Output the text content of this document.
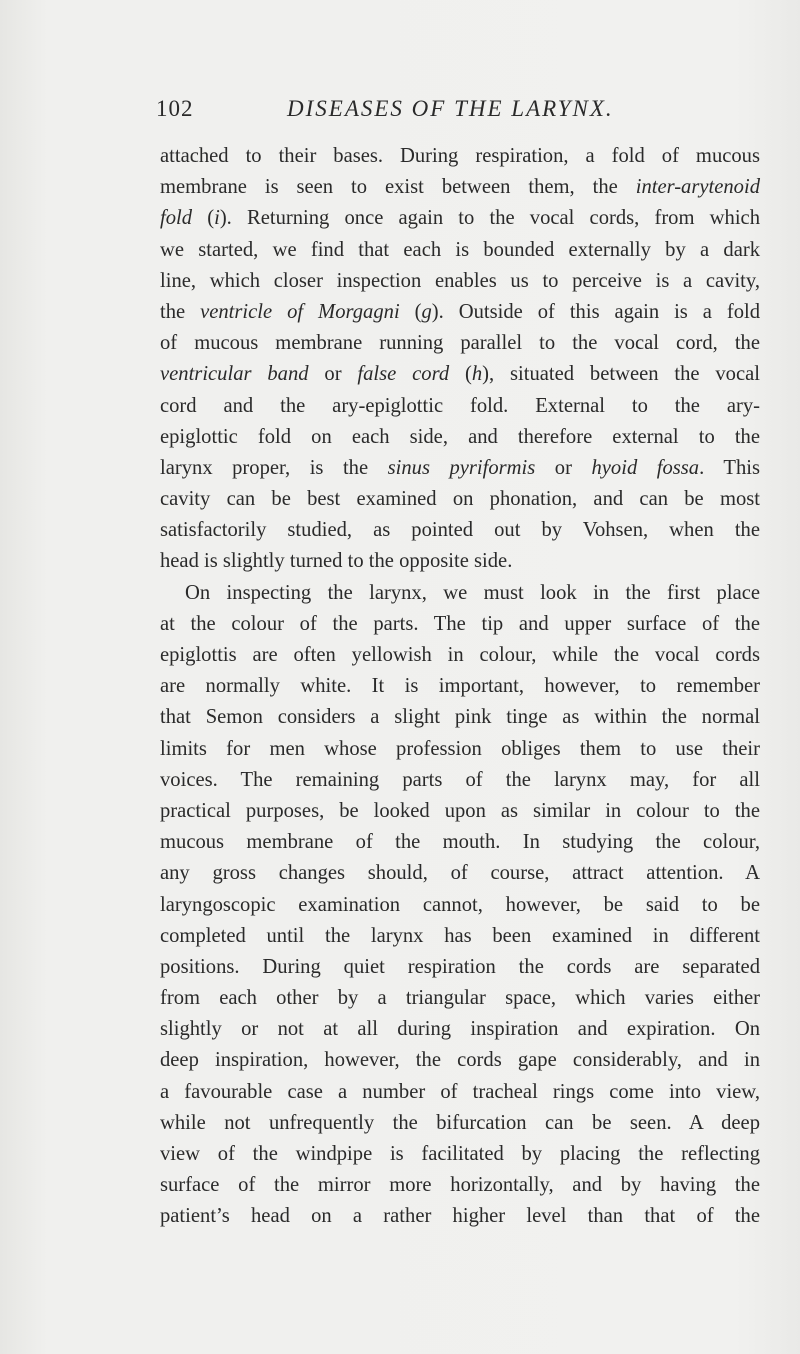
102	DISEASES OF THE LARYNX.
attached to their bases. During respiration, a fold of mucous
membrane is seen to exist between them, the inter-arytenoid
fold (i). Returning once again to the vocal cords, from which
we started, we find that each is bounded externally by a dark
line, which closer inspection enables us to perceive is a cavity,
the ventricle of Morgagni (g). Outside of this again is a fold
of mucous membrane running parallel to the vocal cord, the
ventricular band or false cord (h), situated between the vocal
cord and the ary-epiglottic fold. External to the ary-
epiglottic fold on each side, and therefore external to the
larynx proper, is the sinus pyriformis or hyoid fossa. This
cavity can be best examined on phonation, and can be most
satisfactorily studied, as pointed out by Vohsen, when the
head is slightly turned to the opposite side.
On inspecting the larynx, we must look in the first place
at the colour of the parts. The tip and upper surface of the
epiglottis are often yellowish in colour, while the vocal cords
are normally white. It is important, however, to remember
that Semon considers a slight pink tinge as within the normal
limits for men whose profession obliges them to use their
voices. The remaining parts of the larynx may, for all
practical purposes, be looked upon as similar in colour to the
mucous membrane of the mouth. In studying the colour,
any gross changes should, of course, attract attention. A
laryngoscopic examination cannot, however, be said to be
completed until the larynx has been examined in different
positions. During quiet respiration the cords are separated
from each other by a triangular space, which varies either
slightly or not at all during inspiration and expiration. On
deep inspiration, however, the cords gape considerably, and in
a favourable case a number of tracheal rings come into view,
while not unfrequently the bifurcation can be seen. A deep
view of the windpipe is facilitated by placing the reflecting
surface of the mirror more horizontally, and by having the
patient’s head on a rather higher level than that of the
